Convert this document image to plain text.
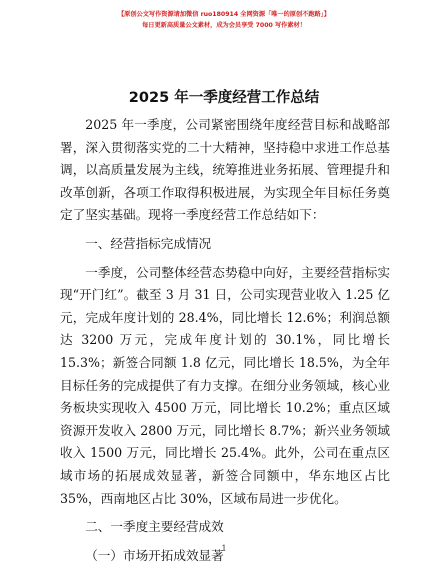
【原创公文写作资源请加微信 ruo180914 全网资源「唯一的原创不跑路」】
每日更新高质量公文素材，成为会员享受 7000 写作素材！
2025 年一季度经营工作总结

2025 年一季度，公司紧密围绕年度经营目标和战略部署，深入贯彻落实党的二十大精神，坚持稳中求进工作总基调，以高质量发展为主线，统筹推进业务拓展、管理提升和改革创新，各项工作取得积极进展，为实现全年目标任务奠定了坚实基础。现将一季度经营工作总结如下：

一、经营指标完成情况

一季度，公司整体经营态势稳中向好，主要经营指标实现“开门红”。截至 3 月 31 日，公司实现营业收入 1.25 亿元，完成年度计划的 28.4%，同比增长 12.6%；利润总额达 3200 万元，完成年度计划的 30.1%，同比增长 15.3%；新签合同额 1.8 亿元，同比增长 18.5%，为全年目标任务的完成提供了有力支撑。在细分业务领域，核心业务板块实现收入 4500 万元，同比增长 10.2%；重点区域资源开发收入 2800 万元，同比增长 8.7%；新兴业务领域收入 1500 万元，同比增长 25.4%。此外，公司在重点区域市场的拓展成效显著，新签合同额中，华东地区占比 35%，西南地区占比 30%，区域布局进一步优化。

二、一季度主要经营成效

（一）市场开拓成效显著

1
